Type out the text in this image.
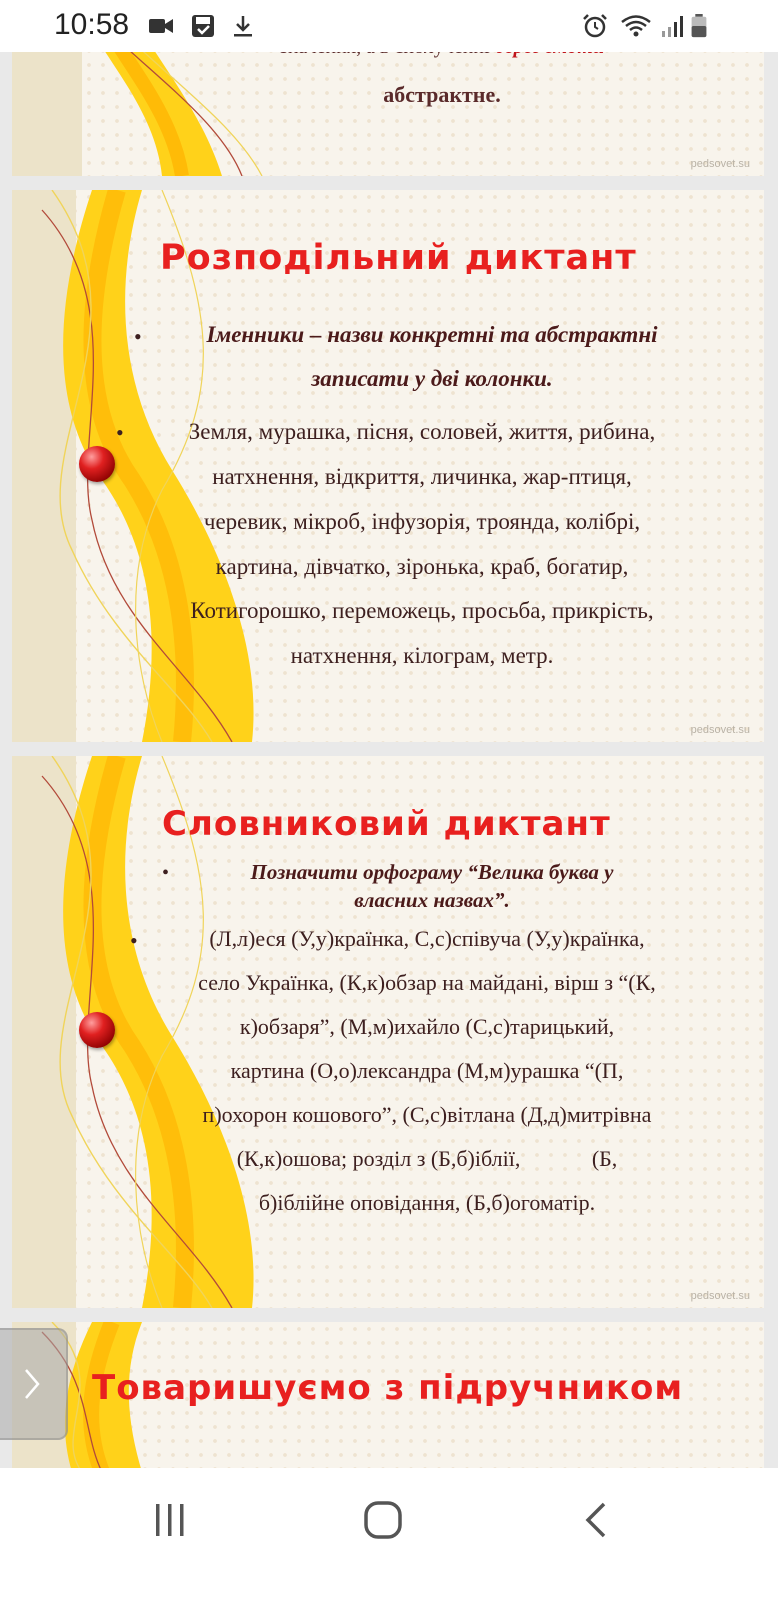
10:58
абстрактне.
pedsovet.su
Розподільний диктант
•	Іменники – назви конкретні та абстрактні
записати у дві колонки.
•	Земля, мурашка, пісня, соловей, життя, рибина,
натхнення, відкриття, личинка, жар-птиця,
черевик, мікроб, інфузорія, троянда, колібрі,
картина, дівчатко, зіронька, краб, богатир,
Котигорошко, переможець, просьба, прикрість,
натхнення, кілограм, метр.
pedsovet.su
Словниковий диктант
•	Позначити орфограму “Велика буква у
власних назвах”.
•	(Л,л)еся (У,у)країнка, С,с)співуча (У,у)країнка,
село Українка, (К,к)обзар на майдані, вірш з “(К,
к)обзаря”, (М,м)ихайло (С,с)тарицький,
картина (О,о)лександра (М,м)урашка “(П,
п)охорон кошового”, (С,с)вітлана (Д,д)митрівна
(К,к)ошова; розділ з (Б,б)іблії,             (Б,
б)іблійне оповідання, (Б,б)огоматір.
pedsovet.su
Товаришуємо з підручником
